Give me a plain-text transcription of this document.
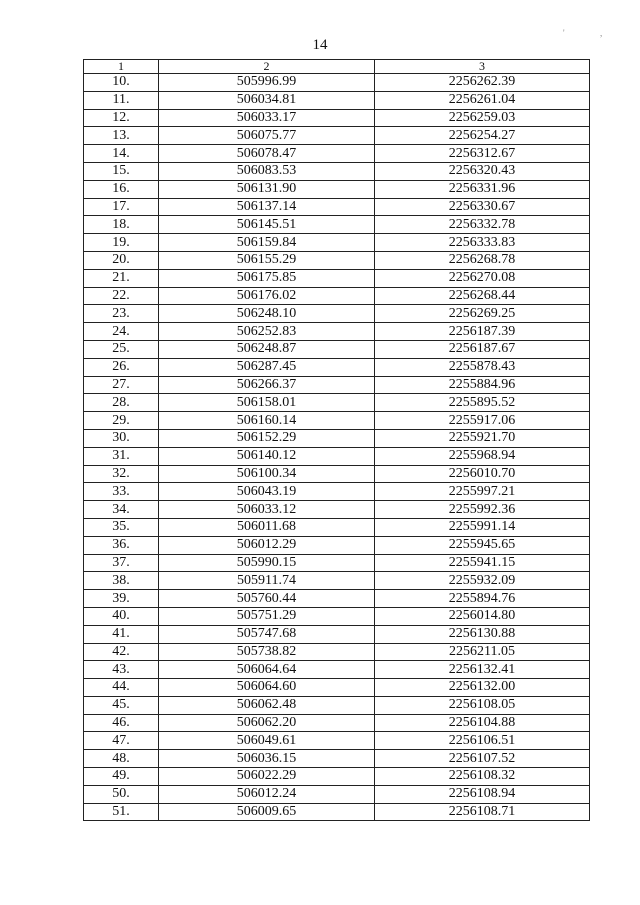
14
'	,
1	2	3
10.	505996.99	2256262.39
11.	506034.81	2256261.04
12.	506033.17	2256259.03
13.	506075.77	2256254.27
14.	506078.47	2256312.67
15.	506083.53	2256320.43
16.	506131.90	2256331.96
17.	506137.14	2256330.67
18.	506145.51	2256332.78
19.	506159.84	2256333.83
20.	506155.29	2256268.78
21.	506175.85	2256270.08
22.	506176.02	2256268.44
23.	506248.10	2256269.25
24.	506252.83	2256187.39
25.	506248.87	2256187.67
26.	506287.45	2255878.43
27.	506266.37	2255884.96
28.	506158.01	2255895.52
29.	506160.14	2255917.06
30.	506152.29	2255921.70
31.	506140.12	2255968.94
32.	506100.34	2256010.70
33.	506043.19	2255997.21
34.	506033.12	2255992.36
35.	506011.68	2255991.14
36.	506012.29	2255945.65
37.	505990.15	2255941.15
38.	505911.74	2255932.09
39.	505760.44	2255894.76
40.	505751.29	2256014.80
41.	505747.68	2256130.88
42.	505738.82	2256211.05
43.	506064.64	2256132.41
44.	506064.60	2256132.00
45.	506062.48	2256108.05
46.	506062.20	2256104.88
47.	506049.61	2256106.51
48.	506036.15	2256107.52
49.	506022.29	2256108.32
50.	506012.24	2256108.94
51.	506009.65	2256108.71
